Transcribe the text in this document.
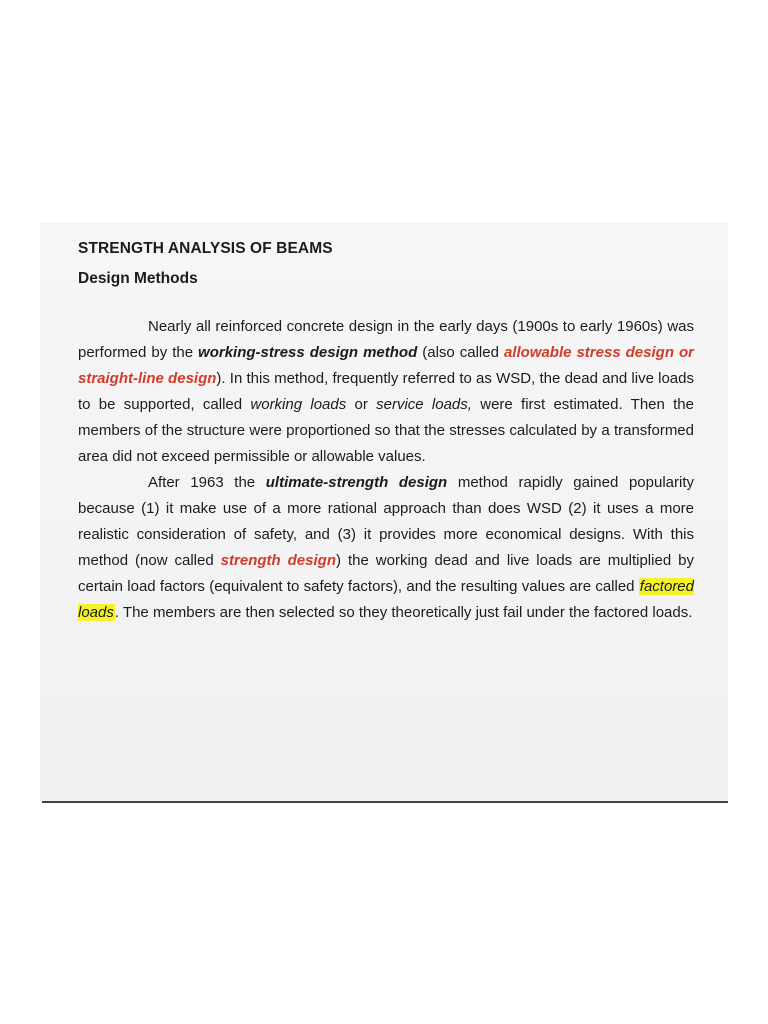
STRENGTH ANALYSIS OF BEAMS
Design Methods

Nearly all reinforced concrete design in the early days (1900s to early 1960s) was performed by the working-stress design method (also called allowable stress design or straight-line design). In this method, frequently referred to as WSD, the dead and live loads to be supported, called working loads or service loads, were first estimated. Then the members of the structure were proportioned so that the stresses calculated by a transformed area did not exceed permissible or allowable values.

After 1963 the ultimate-strength design method rapidly gained popularity because (1) it make use of a more rational approach than does WSD (2) it uses a more realistic consideration of safety, and (3) it provides more economical designs. With this method (now called strength design) the working dead and live loads are multiplied by certain load factors (equivalent to safety factors), and the resulting values are called factored loads. The members are then selected so they theoretically just fail under the factored loads.
